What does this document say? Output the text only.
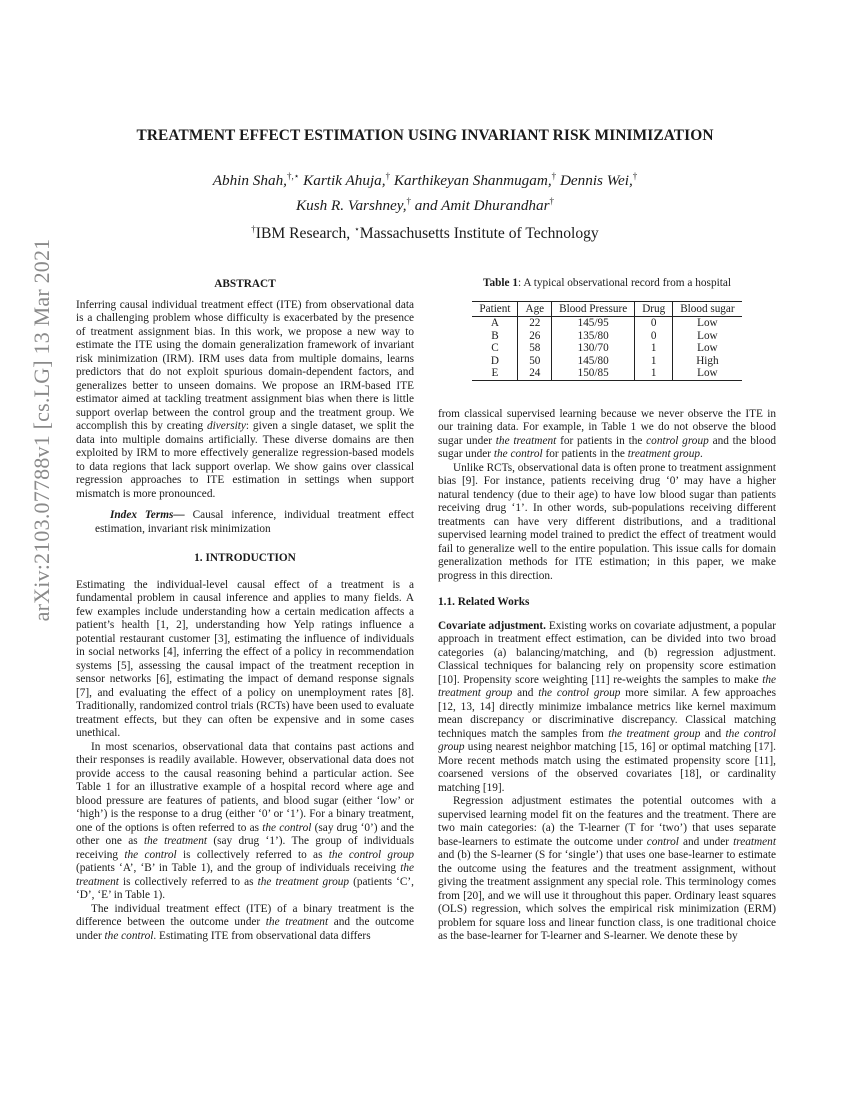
TREATMENT EFFECT ESTIMATION USING INVARIANT RISK MINIMIZATION
Abhin Shah,†,⋆ Kartik Ahuja,† Karthikeyan Shanmugam,† Dennis Wei,†
Kush R. Varshney,† and Amit Dhurandhar†
†IBM Research, ⋆Massachusetts Institute of Technology
arXiv:2103.07788v1 [cs.LG] 13 Mar 2021	ABSTRACT

Inferring causal individual treatment effect (ITE) from observational data is a challenging problem whose difficulty is exacerbated by the presence of treatment assignment bias. In this work, we propose a new way to estimate the ITE using the domain generalization framework of invariant risk minimization (IRM). IRM uses data from multiple domains, learns predictors that do not exploit spurious domain-dependent factors, and generalizes better to unseen domains. We propose an IRM-based ITE estimator aimed at tackling treatment assignment bias when there is little support overlap between the control group and the treatment group. We accomplish this by creating diversity: given a single dataset, we split the data into multiple domains artificially. These diverse domains are then exploited by IRM to more effectively generalize regression-based models to data regions that lack support overlap. We show gains over classical regression approaches to ITE estimation in settings when support mismatch is more pronounced.

Index Terms— Causal inference, individual treatment effect estimation, invariant risk minimization

1. INTRODUCTION

Estimating the individual-level causal effect of a treatment is a fundamental problem in causal inference and applies to many fields. A few examples include understanding how a certain medication affects a patient’s health [1, 2], understanding how Yelp ratings influence a potential restaurant customer [3], estimating the influence of individuals in social networks [4], inferring the effect of a policy in recommendation systems [5], assessing the causal impact of the treatment reception in sensor networks [6], estimating the impact of demand response signals [7], and evaluating the effect of a policy on unemployment rates [8]. Traditionally, randomized control trials (RCTs) have been used to evaluate treatment effects, but they can often be expensive and in some cases unethical.

In most scenarios, observational data that contains past actions and their responses is readily available. However, observational data does not provide access to the causal reasoning behind a particular action. See Table 1 for an illustrative example of a hospital record where age and blood pressure are features of patients, and blood sugar (either ‘low’ or ‘high’) is the response to a drug (either ‘0’ or ‘1’). For a binary treatment, one of the options is often referred to as the control (say drug ‘0’) and the other one as the treatment (say drug ‘1’). The group of individuals receiving the control is collectively referred to as the control group (patients ‘A’, ‘B’ in Table 1), and the group of individuals receiving the treatment is collectively referred to as the treatment group (patients ‘C’, ‘D’, ‘E’ in Table 1).

The individual treatment effect (ITE) of a binary treatment is the difference between the outcome under the treatment and the outcome under the control. Estimating ITE from observational data differs

Table 1: A typical observational record from a hospital

Patient	Age	Blood Pressure	Drug	Blood sugar
A	22	145/95	0	Low
B	26	135/80	0	Low
C	58	130/70	1	Low
D	50	145/80	1	High
E	24	150/85	1	Low

from classical supervised learning because we never observe the ITE in our training data. For example, in Table 1 we do not observe the blood sugar under the treatment for patients in the control group and the blood sugar under the control for patients in the treatment group.

Unlike RCTs, observational data is often prone to treatment assignment bias [9]. For instance, patients receiving drug ‘0’ may have a higher natural tendency (due to their age) to have low blood sugar than patients receiving drug ‘1’. In other words, sub-populations receiving different treatments can have very different distributions, and a traditional supervised learning model trained to predict the effect of treatment would fail to generalize well to the entire population. This issue calls for domain generalization methods for ITE estimation; in this paper, we make progress in this direction.

1.1. Related Works

Covariate adjustment. Existing works on covariate adjustment, a popular approach in treatment effect estimation, can be divided into two broad categories (a) balancing/matching, and (b) regression adjustment. Classical techniques for balancing rely on propensity score estimation [10]. Propensity score weighting [11] re-weights the samples to make the treatment group and the control group more similar. A few approaches [12, 13, 14] directly minimize imbalance metrics like kernel maximum mean discrepancy or discriminative discrepancy. Classical matching techniques match the samples from the treatment group and the control group using nearest neighbor matching [15, 16] or optimal matching [17]. More recent methods match using the estimated propensity score [11], coarsened versions of the observed covariates [18], or cardinality matching [19].

Regression adjustment estimates the potential outcomes with a supervised learning model fit on the features and the treatment. There are two main categories: (a) the T-learner (T for ‘two’) that uses separate base-learners to estimate the outcome under control and under treatment and (b) the S-learner (S for ‘single’) that uses one base-learner to estimate the outcome using the features and the treatment assignment, without giving the treatment assignment any special role. This terminology comes from [20], and we will use it throughout this paper. Ordinary least squares (OLS) regression, which solves the empirical risk minimization (ERM) problem for square loss and linear function class, is one traditional choice as the base-learner for T-learner and S-learner. We denote these by
